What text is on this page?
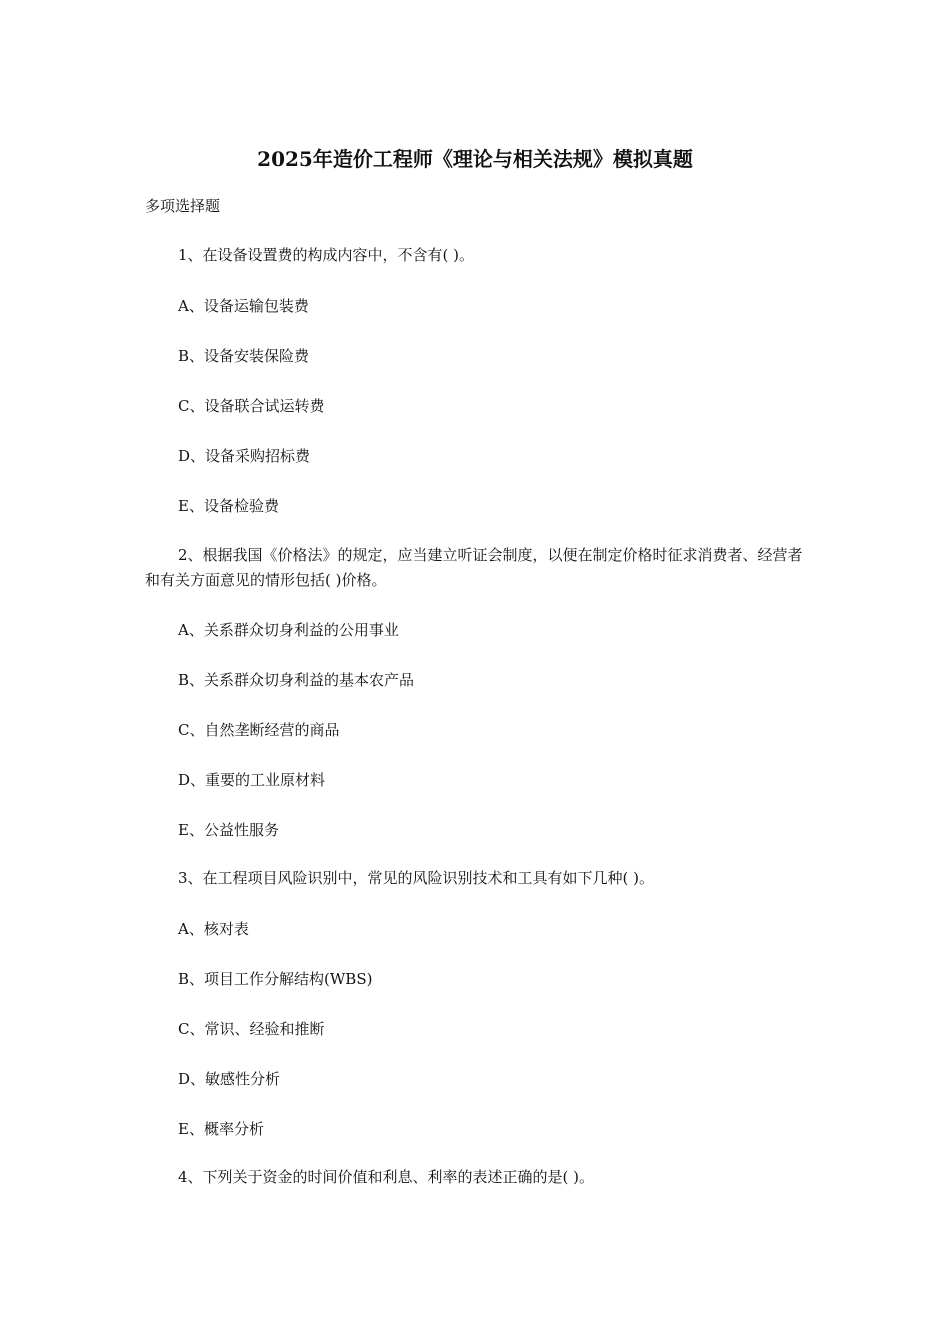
2025年造价工程师《理论与相关法规》模拟真题
多项选择题
1、在设备设置费的构成内容中，不含有( )。
A、设备运输包装费
B、设备安装保险费
C、设备联合试运转费
D、设备采购招标费
E、设备检验费
2、根据我国《价格法》的规定，应当建立听证会制度，以便在制定价格时征求消费者、经营者和有关方面意见的情形包括( )价格。
A、关系群众切身利益的公用事业
B、关系群众切身利益的基本农产品
C、自然垄断经营的商品
D、重要的工业原材料
E、公益性服务
3、在工程项目风险识别中，常见的风险识别技术和工具有如下几种( )。
A、核对表
B、项目工作分解结构(WBS)
C、常识、经验和推断
D、敏感性分析
E、概率分析
4、下列关于资金的时间价值和利息、利率的表述正确的是( )。
